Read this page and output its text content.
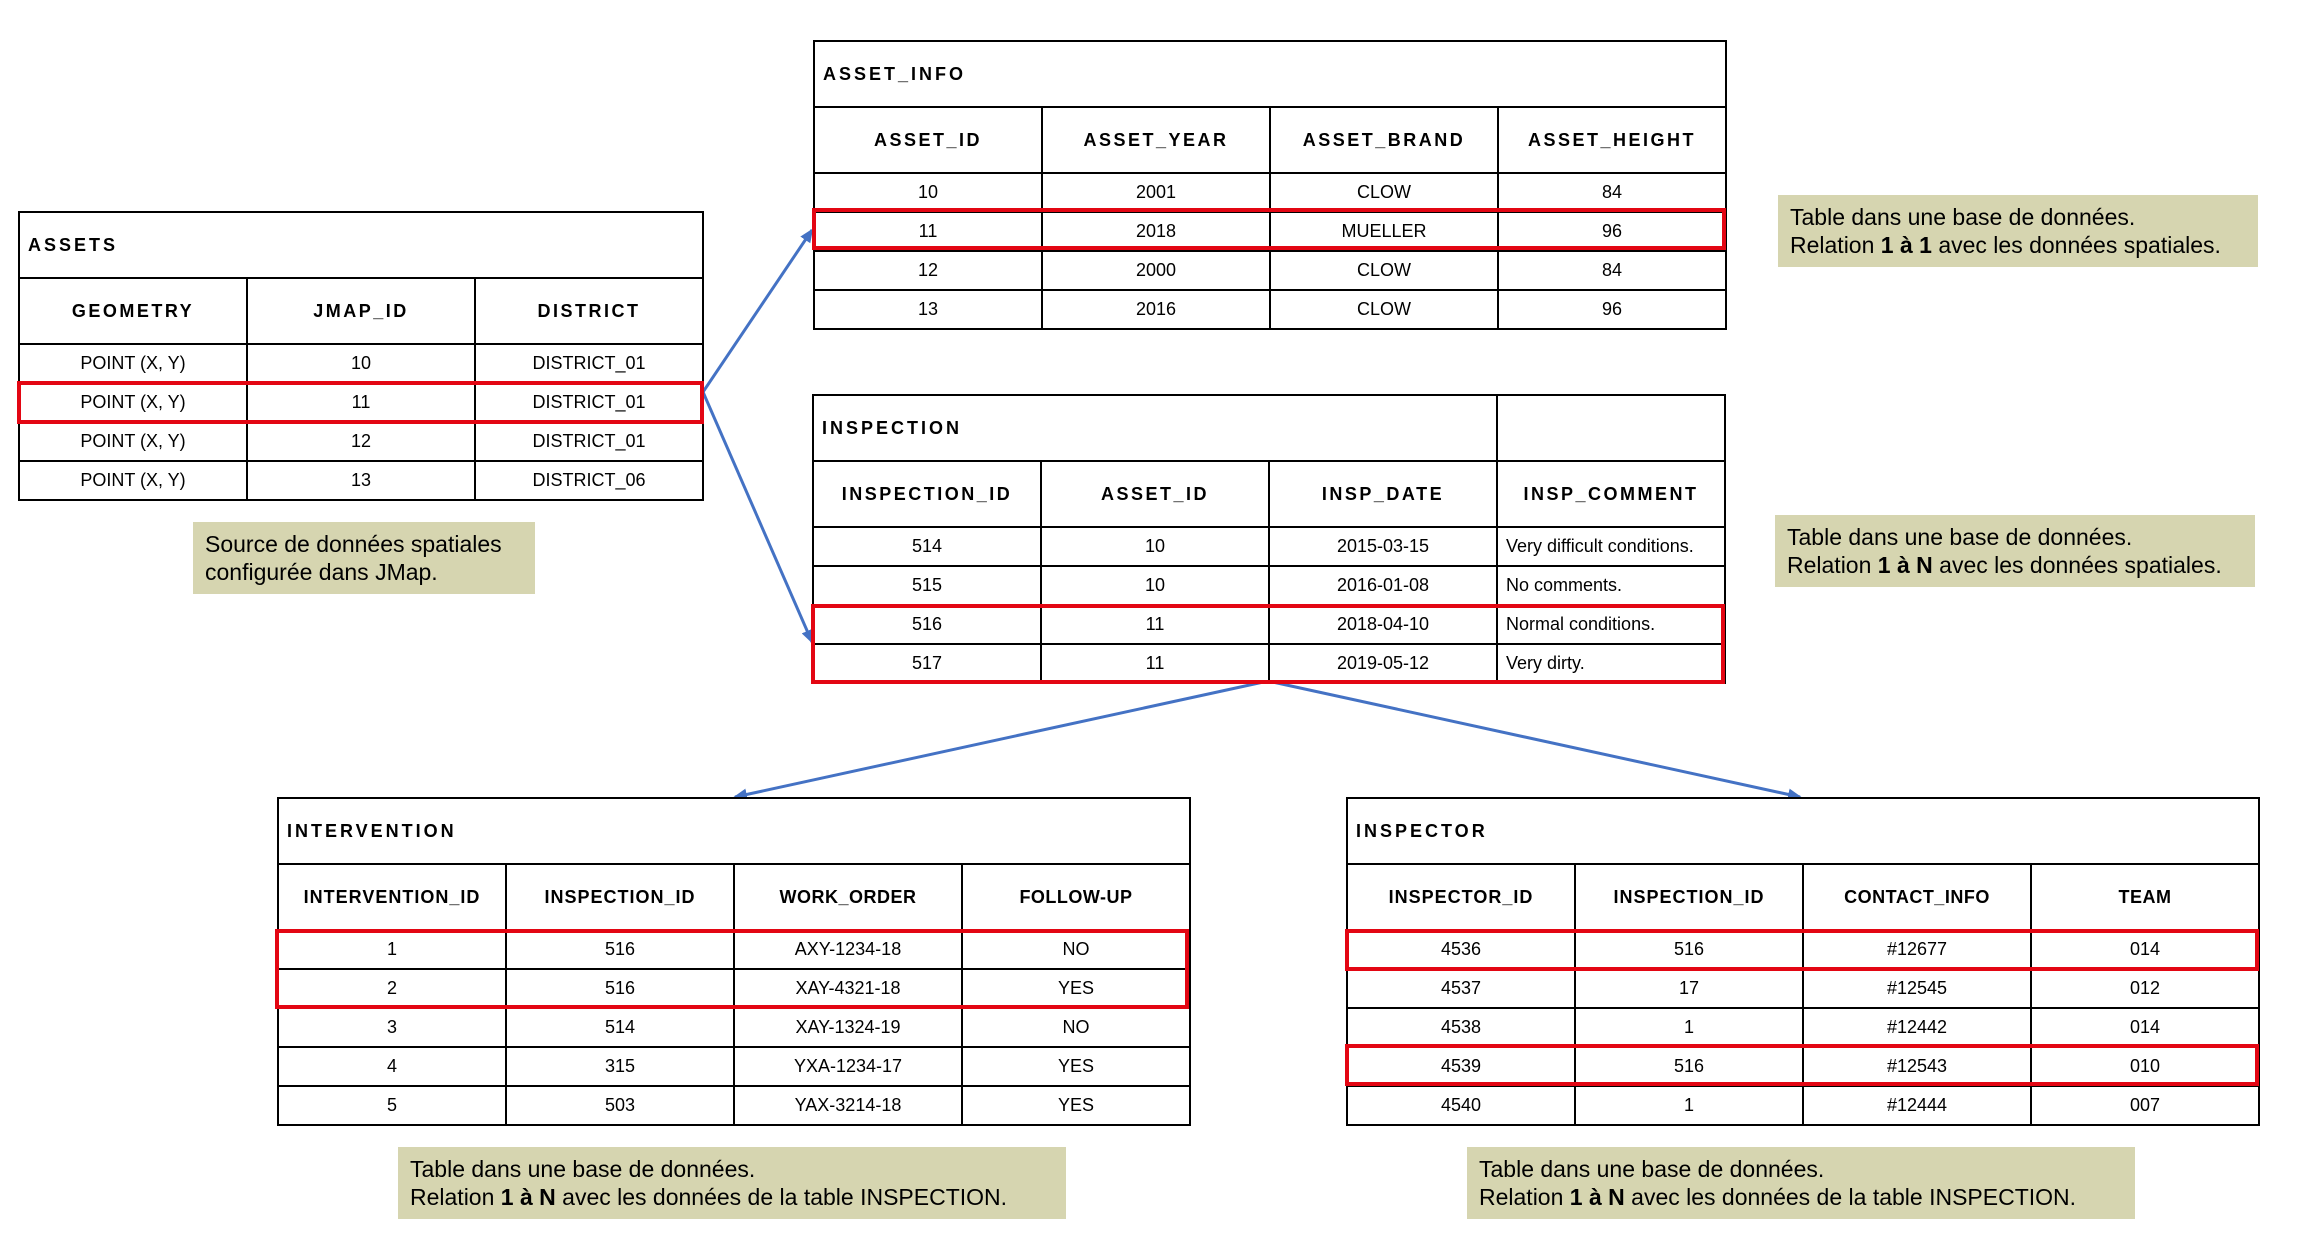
ASSETS		
GEOMETRY	JMAP_ID	DISTRICT
POINT (X, Y)	10	DISTRICT_01
POINT (X, Y)	11	DISTRICT_01
POINT (X, Y)	12	DISTRICT_01
POINT (X, Y)	13	DISTRICT_06
Source de données spatiales
configurée dans JMap.
ASSET_INFO			
ASSET_ID	ASSET_YEAR	ASSET_BRAND	ASSET_HEIGHT
10	2001	CLOW	84
11	2018	MUELLER	96
12	2000	CLOW	84
13	2016	CLOW	96
Table dans une base de données.
Relation 1 à 1 avec les données spatiales.
INSPECTION			
INSPECTION_ID	ASSET_ID	INSP_DATE	INSP_COMMENT
514	10	2015-03-15	Very difficult conditions.
515	10	2016-01-08	No comments.
516	11	2018-04-10	Normal conditions.
517	11	2019-05-12	Very dirty.
Table dans une base de données.
Relation 1 à N avec les données spatiales.
INTERVENTION			
INTERVENTION_ID	INSPECTION_ID	WORK_ORDER	FOLLOW-UP
1	516	AXY-1234-18	NO
2	516	XAY-4321-18	YES
3	514	XAY-1324-19	NO
4	315	YXA-1234-17	YES
5	503	YAX-3214-18	YES
Table dans une base de données.
Relation 1 à N avec les données de la table INSPECTION.
INSPECTOR			
INSPECTOR_ID	INSPECTION_ID	CONTACT_INFO	TEAM
4536	516	#12677	014
4537	17	#12545	012
4538	1	#12442	014
4539	516	#12543	010
4540	1	#12444	007
Table dans une base de données.
Relation 1 à N avec les données de la table INSPECTION.
